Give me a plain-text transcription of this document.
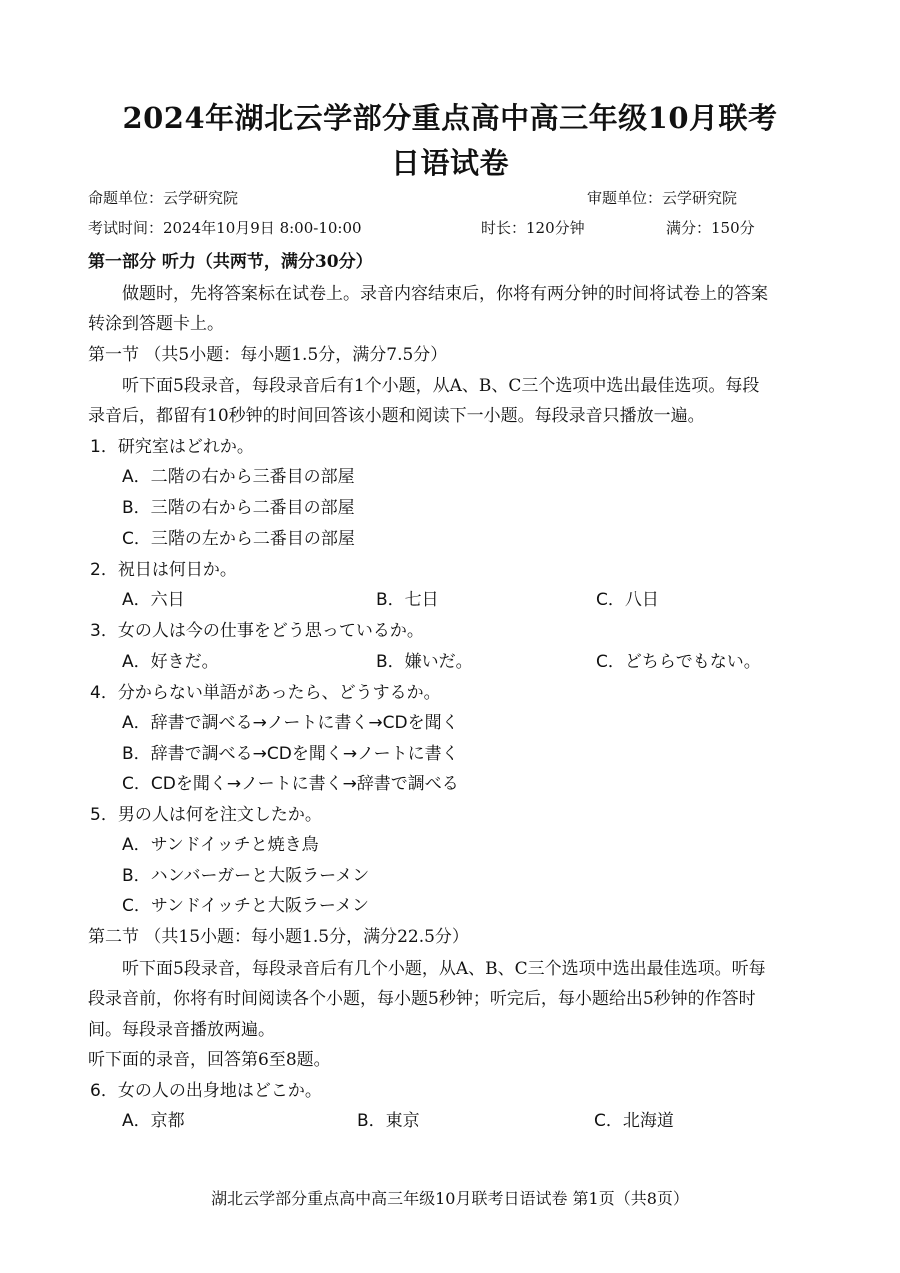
2024年湖北云学部分重点高中高三年级10月联考
日语试卷
命题单位：云学研究院	审题单位：云学研究院
考试时间：2024年10月9日 8:00-10:00	时长：120分钟	满分：150分
第一部分 听力（共两节，满分30分）
做题时，先将答案标在试卷上。录音内容结束后，你将有两分钟的时间将试卷上的答案
转涂到答题卡上。
第一节 （共5小题：每小题1.5分，满分7.5分）
听下面5段录音，每段录音后有1个小题，从A、B、C三个选项中选出最佳选项。每段
录音后，都留有10秒钟的时间回答该小题和阅读下一小题。每段录音只播放一遍。
1．研究室はどれか。
A．二階の右から三番目の部屋
B．三階の右から二番目の部屋
C．三階の左から二番目の部屋
2．祝日は何日か。
A．六日	B．七日	C．八日
3．女の人は今の仕事をどう思っているか。
A．好きだ。	B．嫌いだ。	C．どちらでもない。
4．分からない単語があったら、どうするか。
A．辞書で調べる→ノートに書く→CDを聞く
B．辞書で調べる→CDを聞く→ノートに書く
C．CDを聞く→ノートに書く→辞書で調べる
5．男の人は何を注文したか。
A．サンドイッチと焼き鳥
B．ハンバーガーと大阪ラーメン
C．サンドイッチと大阪ラーメン
第二节 （共15小题：每小题1.5分，满分22.5分）
听下面5段录音，每段录音后有几个小题，从A、B、C三个选项中选出最佳选项。听每
段录音前，你将有时间阅读各个小题，每小题5秒钟；听完后，每小题给出5秒钟的作答时
间。每段录音播放两遍。
听下面的录音，回答第6至8题。
6．女の人の出身地はどこか。
A．京都	B．東京	C．北海道
湖北云学部分重点高中高三年级10月联考日语试卷 第1页（共8页）
